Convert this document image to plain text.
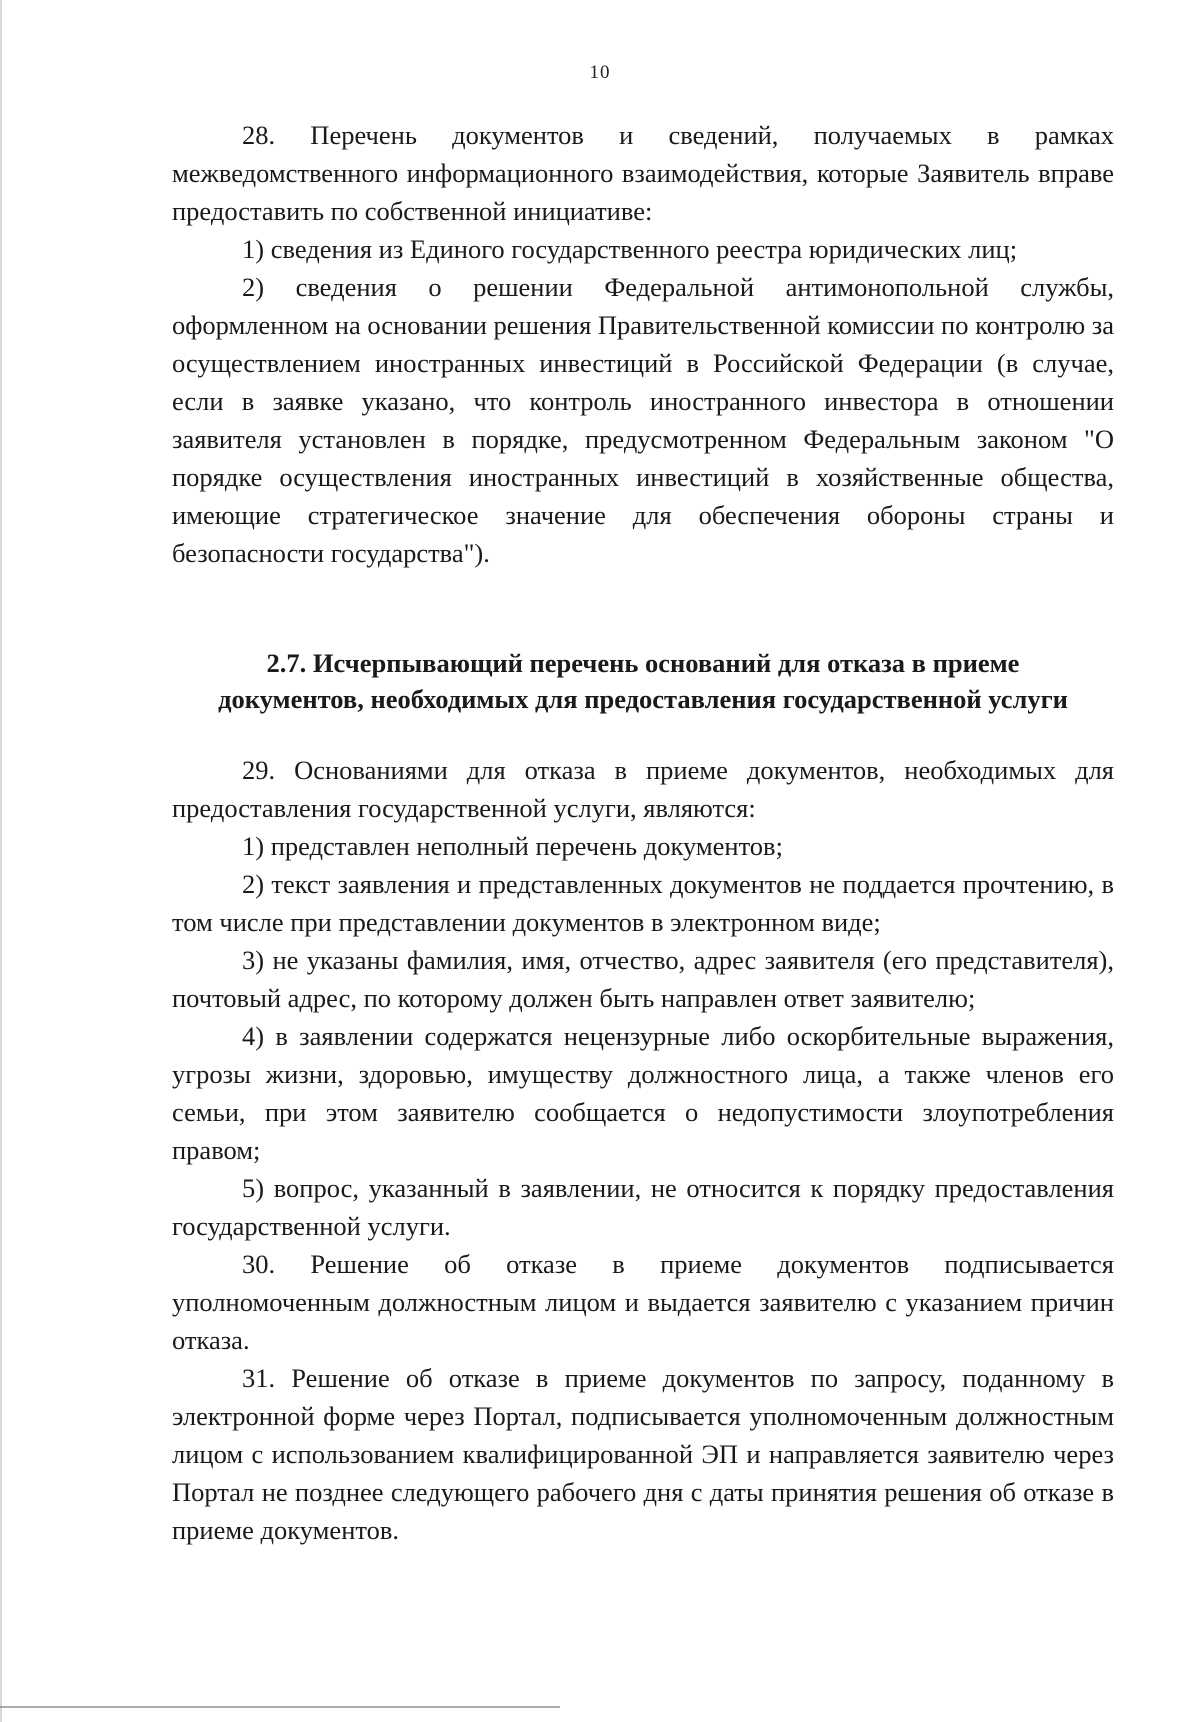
10

28. Перечень документов и сведений, получаемых в рамках межведомственного информационного взаимодействия, которые Заявитель вправе предоставить по собственной инициативе:

1) сведения из Единого государственного реестра юридических лиц;

2) сведения о решении Федеральной антимонопольной службы, оформленном на основании решения Правительственной комиссии по контролю за осуществлением иностранных инвестиций в Российской Федерации (в случае, если в заявке указано, что контроль иностранного инвестора в отношении заявителя установлен в порядке, предусмотренном Федеральным законом "О порядке осуществления иностранных инвестиций в хозяйственные общества, имеющие стратегическое значение для обеспечения обороны страны и безопасности государства").

2.7. Исчерпывающий перечень оснований для отказа в приеме
документов, необходимых для предоставления государственной услуги

29. Основаниями для отказа в приеме документов, необходимых для предоставления государственной услуги, являются:

1) представлен неполный перечень документов;

2) текст заявления и представленных документов не поддается прочтению, в том числе при представлении документов в электронном виде;

3) не указаны фамилия, имя, отчество, адрес заявителя (его представителя), почтовый адрес, по которому должен быть направлен ответ заявителю;

4) в заявлении содержатся нецензурные либо оскорбительные выражения, угрозы жизни, здоровью, имуществу должностного лица, а также членов его семьи, при этом заявителю сообщается о недопустимости злоупотребления правом;

5) вопрос, указанный в заявлении, не относится к порядку предоставления государственной услуги.

30. Решение об отказе в приеме документов подписывается уполномоченным должностным лицом и выдается заявителю с указанием причин отказа.

31. Решение об отказе в приеме документов по запросу, поданному в электронной форме через Портал, подписывается уполномоченным должностным лицом с использованием квалифицированной ЭП и направляется заявителю через Портал не позднее следующего рабочего дня с даты принятия решения об отказе в приеме документов.
